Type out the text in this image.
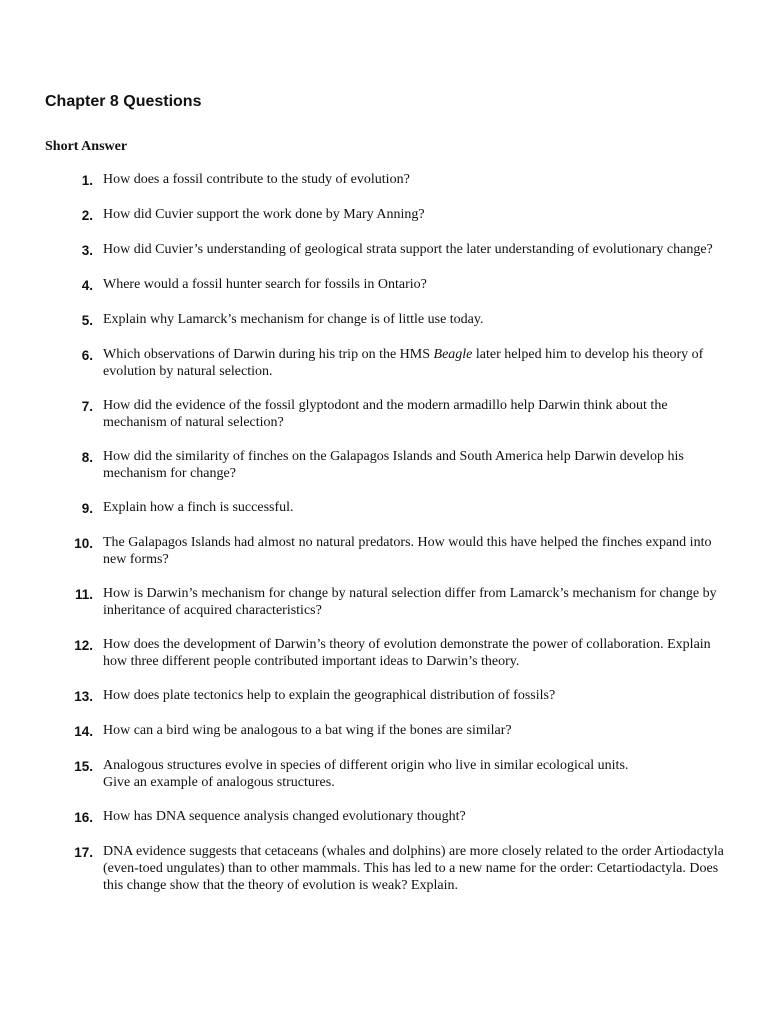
Chapter 8 Questions
Short Answer
1. How does a fossil contribute to the study of evolution?
2. How did Cuvier support the work done by Mary Anning?
3. How did Cuvier’s understanding of geological strata support the later understanding of evolutionary change?
4. Where would a fossil hunter search for fossils in Ontario?
5. Explain why Lamarck’s mechanism for change is of little use today.
6. Which observations of Darwin during his trip on the HMS Beagle later helped him to develop his theory of evolution by natural selection.
7. How did the evidence of the fossil glyptodont and the modern armadillo help Darwin think about the mechanism of natural selection?
8. How did the similarity of finches on the Galapagos Islands and South America help Darwin develop his mechanism for change?
9. Explain how a finch is successful.
10. The Galapagos Islands had almost no natural predators. How would this have helped the finches expand into new forms?
11. How is Darwin’s mechanism for change by natural selection differ from Lamarck’s mechanism for change by inheritance of acquired characteristics?
12. How does the development of Darwin’s theory of evolution demonstrate the power of collaboration. Explain how three different people contributed important ideas to Darwin’s theory.
13. How does plate tectonics help to explain the geographical distribution of fossils?
14. How can a bird wing be analogous to a bat wing if the bones are similar?
15. Analogous structures evolve in species of different origin who live in similar ecological units.
Give an example of analogous structures.
16. How has DNA sequence analysis changed evolutionary thought?
17. DNA evidence suggests that cetaceans (whales and dolphins) are more closely related to the order Artiodactyla (even-toed ungulates) than to other mammals. This has led to a new name for the order: Cetartiodactyla. Does this change show that the theory of evolution is weak? Explain.
